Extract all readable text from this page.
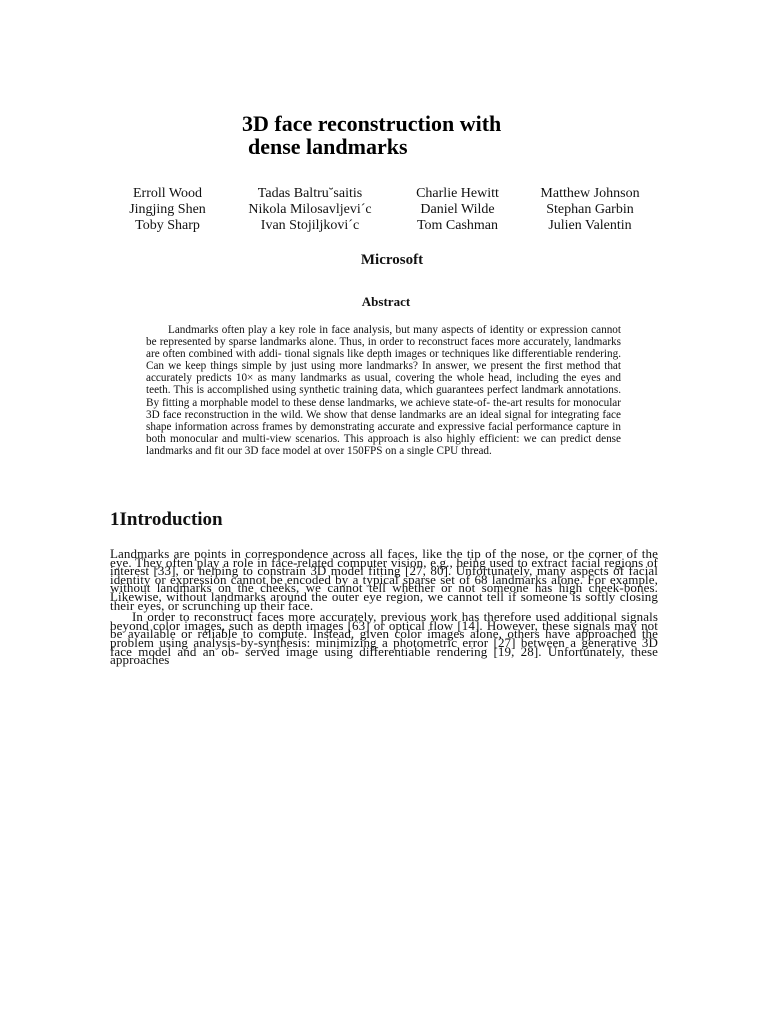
3D face reconstruction with
dense landmarks
Erroll Wood	Tadas Baltru˘saitis	Charlie Hewitt	Matthew Johnson
Jingjing Shen	Nikola Milosavljevi´c	Daniel Wilde	Stephan Garbin
Toby Sharp	Ivan Stojiljkovi´c	Tom Cashman	Julien Valentin
Microsoft
Abstract

Landmarks often play a key role in face analysis, but many aspects of identity or expression cannot be represented by sparse landmarks alone. Thus, in order to reconstruct faces more accurately, landmarks are often combined with addi- tional signals like depth images or techniques like differentiable rendering. Can we keep things simple by just using more landmarks? In answer, we present the first method that accurately predicts 10× as many landmarks as usual, covering the whole head, including the eyes and teeth. This is accomplished using synthetic training data, which guarantees perfect landmark annotations. By fitting a morphable model to these dense landmarks, we achieve state-of- the-art results for monocular 3D face reconstruction in the wild. We show that dense landmarks are an ideal signal for integrating face shape information across frames by demonstrating accurate and expressive facial performance capture in both monocular and multi-view scenarios. This approach is also highly efficient: we can predict dense landmarks and fit our 3D face model at over 150FPS on a single CPU thread.

1Introduction

Landmarks are points in correspondence across all faces, like the tip of the nose, or the corner of the eye. They often play a role in face-related computer vision, e.g., being used to extract facial regions of interest [33], or helping to constrain 3D model fitting [27, 80]. Unfortunately, many aspects of facial identity or expression cannot be encoded by a typical sparse set of 68 landmarks alone. For example, without landmarks on the cheeks, we cannot tell whether or not someone has high cheek-bones. Likewise, without landmarks around the outer eye region, we cannot tell if someone is softly closing their eyes, or scrunching up their face.

In order to reconstruct faces more accurately, previous work has therefore used additional signals beyond color images, such as depth images [63] or optical flow [14]. However, these signals may not be available or reliable to compute. Instead, given color images alone, others have approached the problem using analysis-by-synthesis: minimizing a photometric error [27] between a generative 3D face model and an ob- served image using differentiable rendering [19, 28]. Unfortunately, these approaches
